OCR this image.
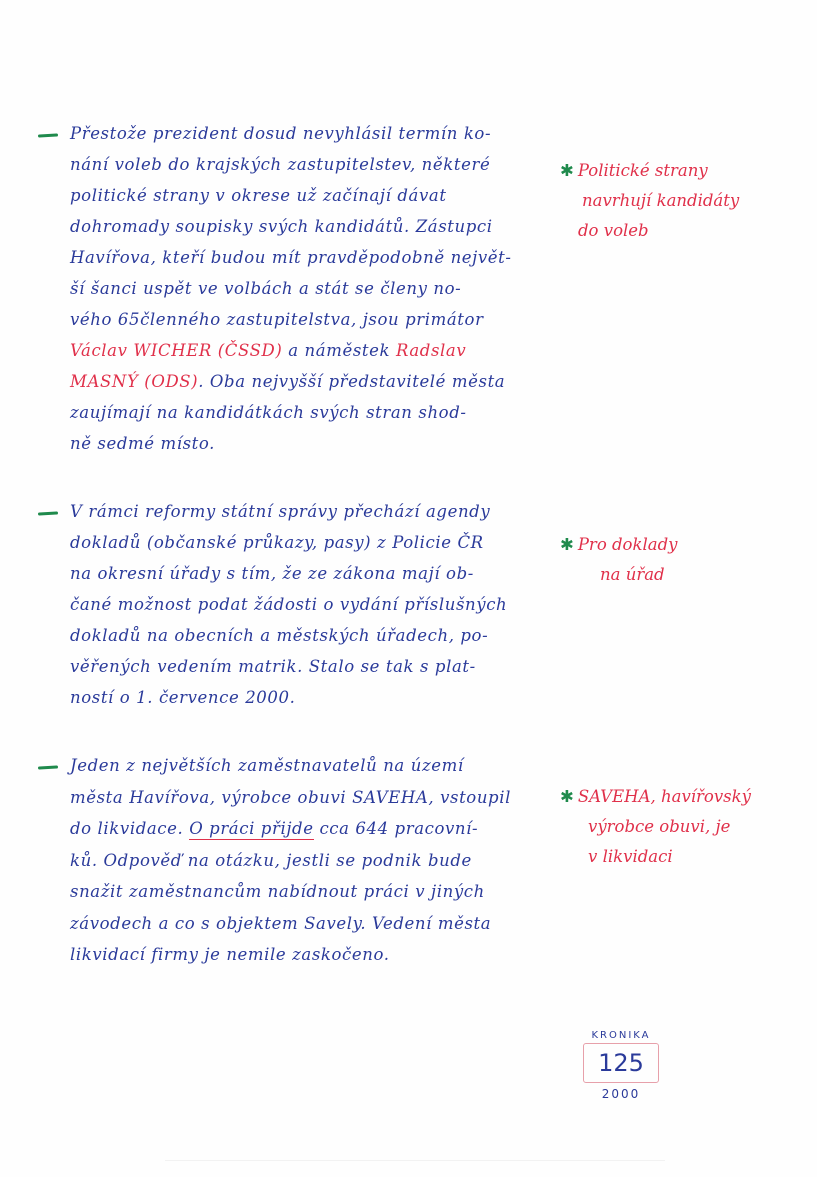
Přestože prezident dosud nevyhlásil termín ko-
nání voleb do krajských zastupitelstev, některé
politické strany v okrese už začínají dávat
dohromady soupisky svých kandidátů. Zástupci
Havířova, kteří budou mít pravděpodobně největ-
ší šanci uspět ve volbách a stát se členy no-
vého 65členného zastupitelstva, jsou primátor
Václav WICHER (ČSSD) a náměstek Radslav
MASNÝ (ODS). Oba nejvyšší představitelé města
zaujímají na kandidátkách svých stran shod-
ně sedmé místo.
✱ Politické strany
navrhují kandidáty
do voleb
V rámci reformy státní správy přechází agendy
dokladů (občanské průkazy, pasy) z Policie ČR
na okresní úřady s tím, že ze zákona mají ob-
čané možnost podat žádosti o vydání příslušných
dokladů na obecních a městských úřadech, po-
věřených vedením matrik. Stalo se tak s plat-
ností o 1. července 2000.
✱ Pro doklady
na úřad
Jeden z největších zaměstnavatelů na území
města Havířova, výrobce obuvi SAVEHA, vstoupil
do likvidace. O práci přijde cca 644 pracovní-
ků. Odpověď na otázku, jestli se podnik bude
snažit zaměstnancům nabídnout práci v jiných
závodech a co s objektem Savely. Vedení města
likvidací firmy je nemile zaskočeno.
✱ SAVEHA, havířovský
výrobce obuvi, je
v likvidaci
KRONIKA
125
2000
